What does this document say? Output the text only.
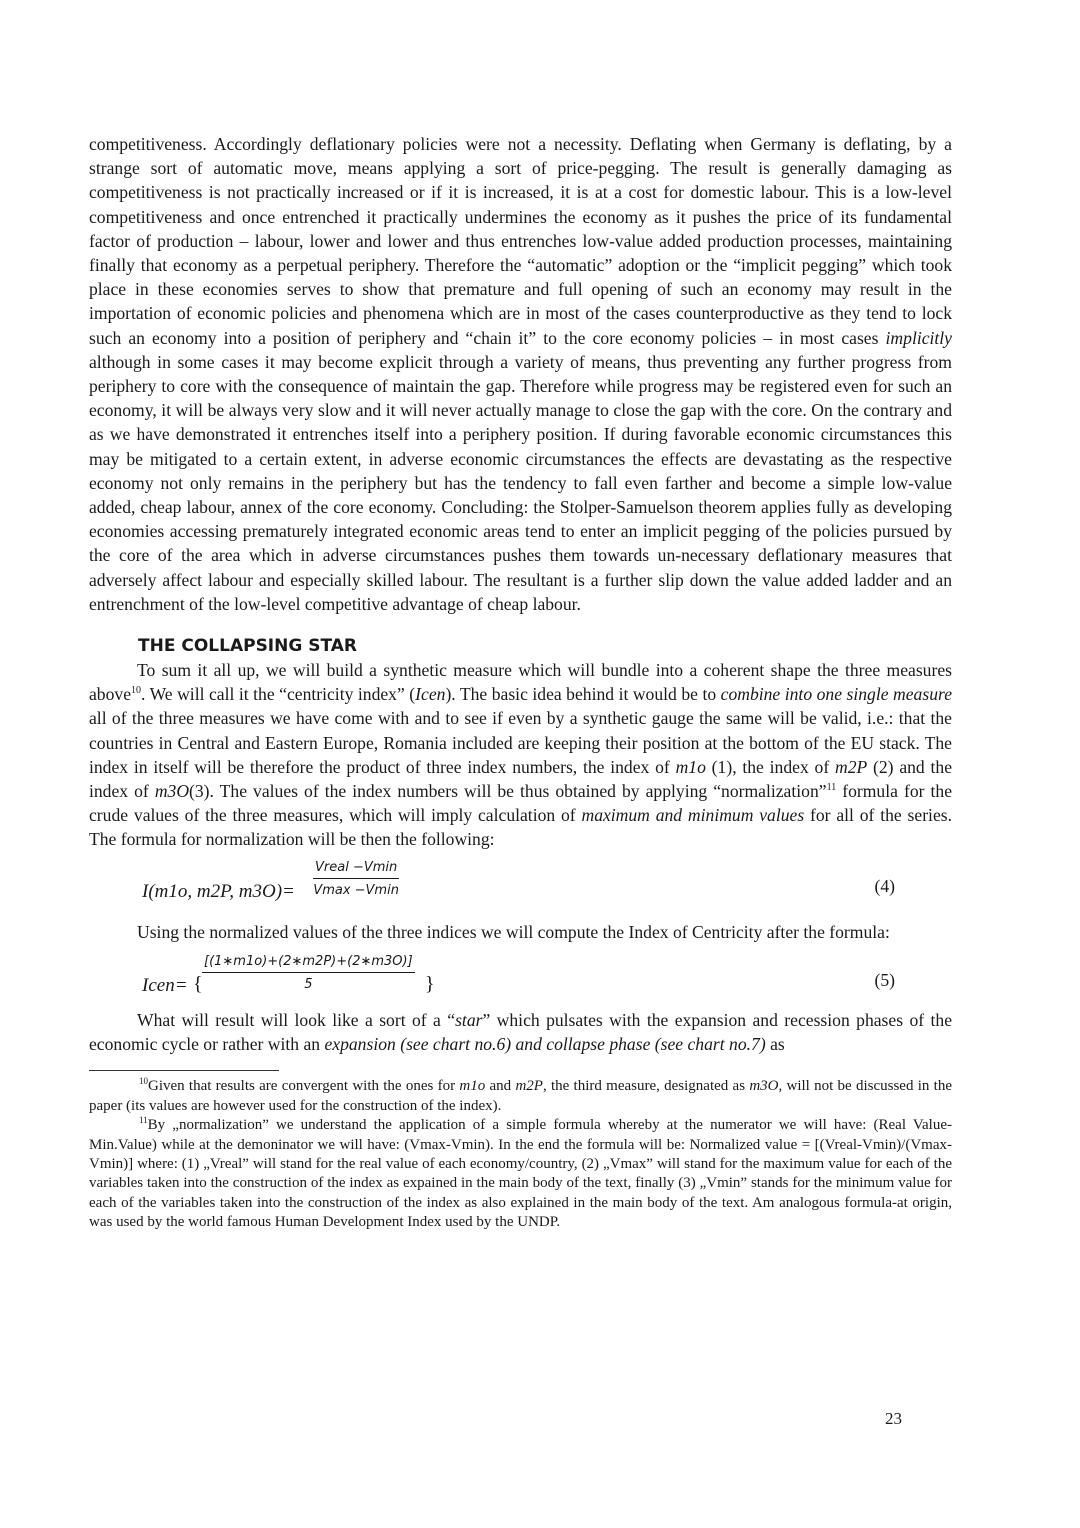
competitiveness. Accordingly deflationary policies were not a necessity. Deflating when Germany is deflating, by a strange sort of automatic move, means applying a sort of price-pegging. The result is generally damaging as competitiveness is not practically increased or if it is increased, it is at a cost for domestic labour. This is a low-level competitiveness and once entrenched it practically undermines the economy as it pushes the price of its fundamental factor of production – labour, lower and lower and thus entrenches low-value added production processes, maintaining finally that economy as a perpetual periphery. Therefore the “automatic” adoption or the “implicit pegging” which took place in these economies serves to show that premature and full opening of such an economy may result in the importation of economic policies and phenomena which are in most of the cases counterproductive as they tend to lock such an economy into a position of periphery and “chain it” to the core economy policies – in most cases implicitly although in some cases it may become explicit through a variety of means, thus preventing any further progress from periphery to core with the consequence of maintain the gap. Therefore while progress may be registered even for such an economy, it will be always very slow and it will never actually manage to close the gap with the core. On the contrary and as we have demonstrated it entrenches itself into a periphery position. If during favorable economic circumstances this may be mitigated to a certain extent, in adverse economic circumstances the effects are devastating as the respective economy not only remains in the periphery but has the tendency to fall even farther and become a simple low-value added, cheap labour, annex of the core economy. Concluding: the Stolper-Samuelson theorem applies fully as developing economies accessing prematurely integrated economic areas tend to enter an implicit pegging of the policies pursued by the core of the area which in adverse circumstances pushes them towards un-necessary deflationary measures that adversely affect labour and especially skilled labour. The resultant is a further slip down the value added ladder and an entrenchment of the low-level competitive advantage of cheap labour.

THE COLLAPSING STAR

To sum it all up, we will build a synthetic measure which will bundle into a coherent shape the three measures above$^{10}$. We will call it the “centricity index” (Icen). The basic idea behind it would be to combine into one single measure all of the three measures we have come with and to see if even by a synthetic gauge the same will be valid, i.e.: that the countries in Central and Eastern Europe, Romania included are keeping their position at the bottom of the EU stack. The index in itself will be therefore the product of three index numbers, the index of m1o (1), the index of m2P (2) and the index of m3O(3). The values of the index numbers will be thus obtained by applying “normalization”$^{11}$ formula for the crude values of the three measures, which will imply calculation of maximum and minimum values for all of the series. The formula for normalization will be then the following:

I(m1o, m2P, m3O)=
Vreal −Vmin
Vmax −Vmin	(4)

Using the normalized values of the three indices we will compute the Index of Centricity after the formula:

Icen= { $\frac{[(1∗m1o)+(2∗m2P)+(2∗m3O)]}{5}$ }	(5)

What will result will look like a sort of a “star” which pulsates with the expansion and recession phases of the economic cycle or rather with an expansion (see chart no.6) and collapse phase (see chart no.7) as

$^{10}$Given that results are convergent with the ones for m1o and m2P, the third measure, designated as m3O, will not be discussed in the paper (its values are however used for the construction of the index).

$^{11}$By „normalization” we understand the application of a simple formula whereby at the numerator we will have: (Real Value- Min.Value) while at the demoninator we will have: (Vmax-Vmin). In the end the formula will be: Normalized value = [(Vreal-Vmin)/(Vmax-Vmin)] where: (1) „Vreal” will stand for the real value of each economy/country, (2) „Vmax” will stand for the maximum value for each of the variables taken into the construction of the index as expained in the main body of the text, finally (3) „Vmin” stands for the minimum value for each of the variables taken into the construction of the index as also explained in the main body of the text. Am analogous formula-at origin, was used by the world famous Human Development Index used by the UNDP.

23
